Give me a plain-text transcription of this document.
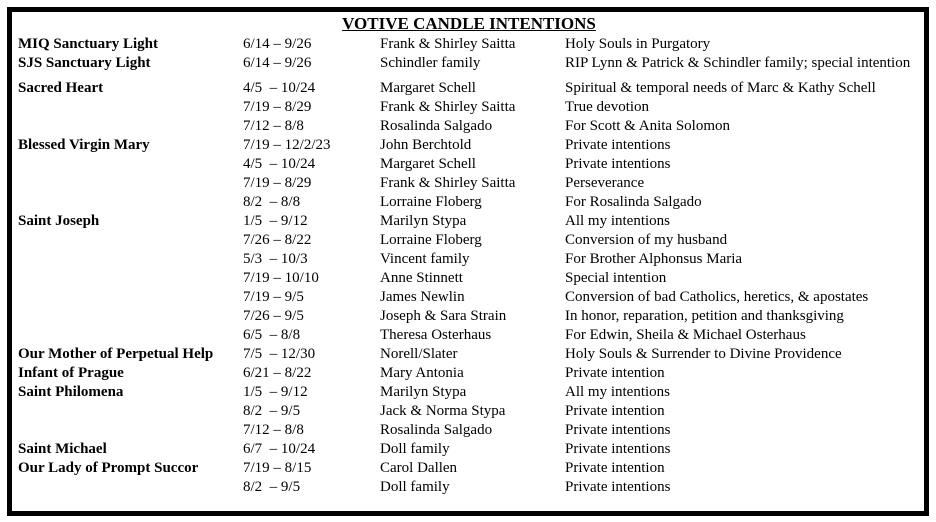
VOTIVE CANDLE INTENTIONS
MIQ Sanctuary Light	6/14 – 9/26	Frank & Shirley Saitta	Holy Souls in Purgatory
SJS Sanctuary Light	6/14 – 9/26	Schindler family	RIP Lynn & Patrick & Schindler family; special intention
Sacred Heart	4/5  – 10/24	Margaret Schell	Spiritual & temporal needs of Marc & Kathy Schell
7/19 – 8/29	Frank & Shirley Saitta	True devotion
7/12 – 8/8	Rosalinda Salgado	For Scott & Anita Solomon
Blessed Virgin Mary	7/19 – 12/2/23	John Berchtold	Private intentions
4/5  – 10/24	Margaret Schell	Private intentions
7/19 – 8/29	Frank & Shirley Saitta	Perseverance
8/2  – 8/8	Lorraine Floberg	For Rosalinda Salgado
Saint Joseph	1/5  – 9/12	Marilyn Stypa	All my intentions
7/26 – 8/22	Lorraine Floberg	Conversion of my husband
5/3  – 10/3	Vincent family	For Brother Alphonsus Maria
7/19 – 10/10	Anne Stinnett	Special intention
7/19 – 9/5	James Newlin	Conversion of bad Catholics, heretics, & apostates
7/26 – 9/5	Joseph & Sara Strain	In honor, reparation, petition and thanksgiving
6/5  – 8/8	Theresa Osterhaus	For Edwin, Sheila & Michael Osterhaus
Our Mother of Perpetual Help	7/5  – 12/30	Norell/Slater	Holy Souls & Surrender to Divine Providence
Infant of Prague	6/21 – 8/22	Mary Antonia	Private intention
Saint Philomena	1/5  – 9/12	Marilyn Stypa	All my intentions
8/2  – 9/5	Jack & Norma Stypa	Private intention
7/12 – 8/8	Rosalinda Salgado	Private intentions
Saint Michael	6/7  – 10/24	Doll family	Private intentions
Our Lady of Prompt Succor	7/19 – 8/15	Carol Dallen	Private intention
8/2  – 9/5	Doll family	Private intentions
